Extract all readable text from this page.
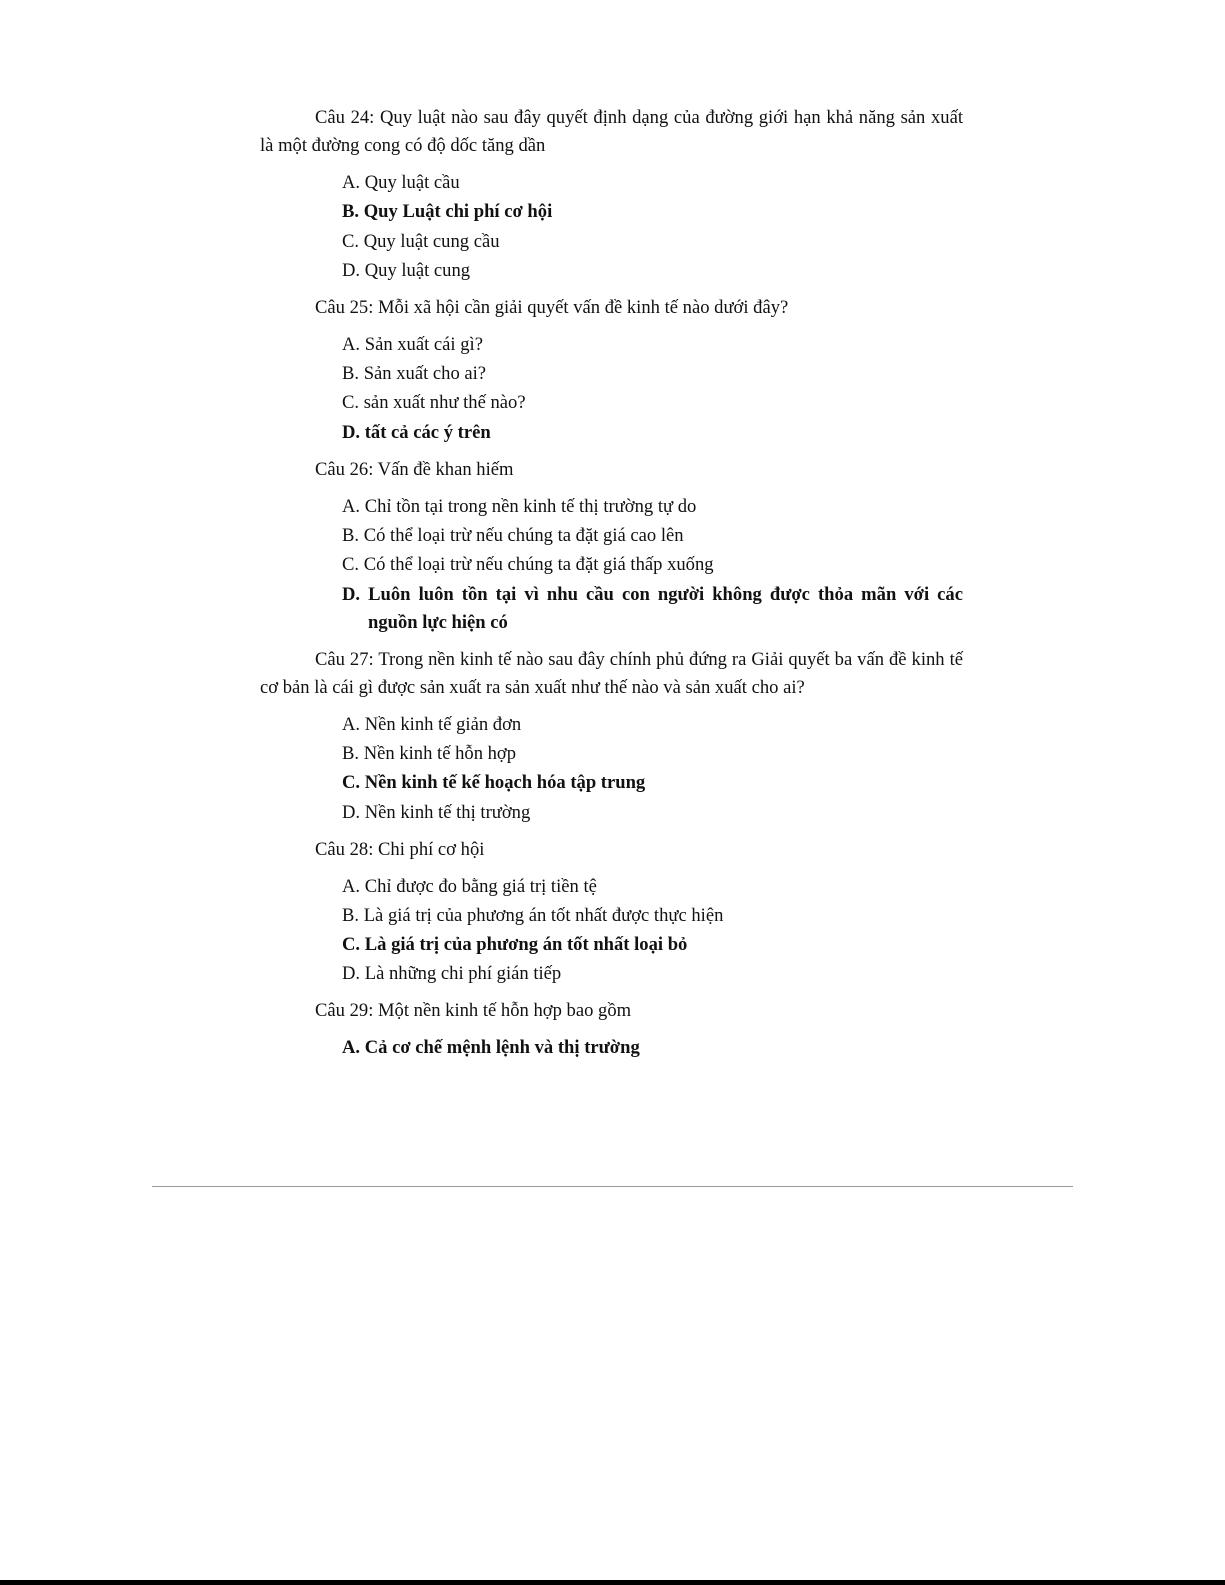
Câu 24: Quy luật nào sau đây quyết định dạng của đường giới hạn khả năng sản xuất là một đường cong có độ dốc tăng dần

A. Quy luật cầu
B. Quy Luật chi phí cơ hội
C. Quy luật cung cầu
D. Quy luật cung

Câu 25: Mỗi xã hội cần giải quyết vấn đề kinh tế nào dưới đây?

A. Sản xuất cái gì?
B. Sản xuất cho ai?
C. sản xuất như thế nào?
D. tất cả các ý trên

Câu 26: Vấn đề khan hiếm

A. Chỉ tồn tại trong nền kinh tế thị trường tự do
B. Có thể loại trừ nếu chúng ta đặt giá cao lên
C. Có thể loại trừ nếu chúng ta đặt giá thấp xuống
D. Luôn luôn tồn tại vì nhu cầu con người không được thỏa mãn với các nguồn lực hiện có

Câu 27: Trong nền kinh tế nào sau đây chính phủ đứng ra Giải quyết ba vấn đề kinh tế cơ bản là cái gì được sản xuất ra sản xuất như thế nào và sản xuất cho ai?

A. Nền kinh tế giản đơn
B. Nền kinh tế hỗn hợp
C. Nền kinh tế kế hoạch hóa tập trung
D. Nền kinh tế thị trường

Câu 28: Chi phí cơ hội

A. Chỉ được đo bằng giá trị tiền tệ
B. Là giá trị của phương án tốt nhất được thực hiện
C. Là giá trị của phương án tốt nhất loại bỏ
D. Là những chi phí gián tiếp

Câu 29: Một nền kinh tế hỗn hợp bao gồm

A. Cả cơ chế mệnh lệnh và thị trường
